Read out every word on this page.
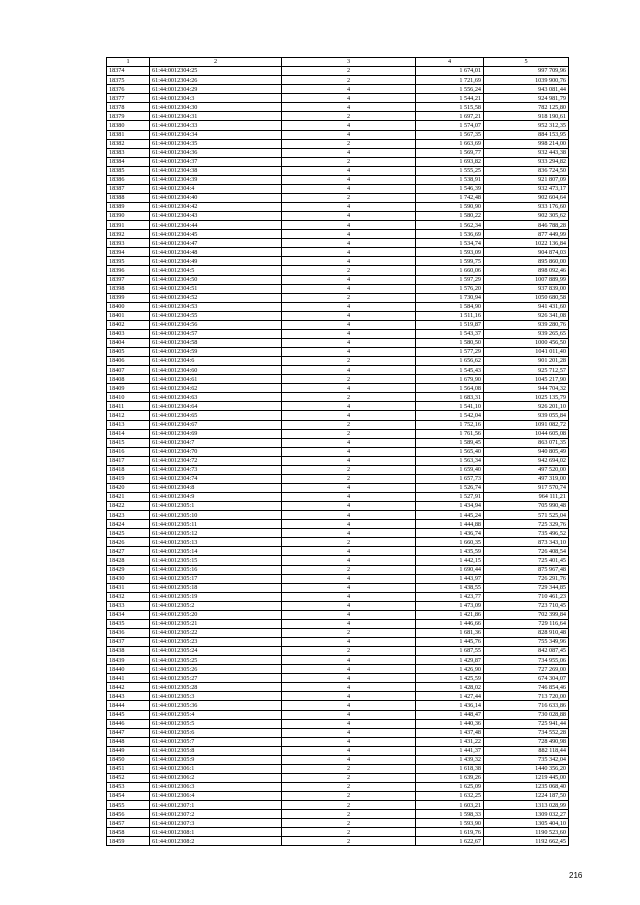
1	2	3	4	5
18374	61:44:0012304:25	2	1 674,01	997 709,96
18375	61:44:0012304:26	2	1 721,69	1039 900,76
18376	61:44:0012304:29	4	1 556,24	943 081,44
18377	61:44:0012304:3	4	1 544,21	924 981,79
18378	61:44:0012304:30	4	1 515,58	782 125,80
18379	61:44:0012304:31	2	1 697,21	918 190,61
18380	61:44:0012304:33	4	1 574,07	952 312,35
18381	61:44:0012304:34	4	1 567,35	884 153,95
18382	61:44:0012304:35	2	1 663,69	998 214,00
18383	61:44:0012304:36	4	1 569,77	932 443,38
18384	61:44:0012304:37	2	1 693,82	933 294,82
18385	61:44:0012304:38	4	1 555,25	836 724,50
18386	61:44:0012304:39	4	1 538,91	921 807,09
18387	61:44:0012304:4	4	1 546,39	932 473,17
18388	61:44:0012304:40	2	1 742,48	902 604,64
18389	61:44:0012304:42	4	1 590,90	933 176,60
18390	61:44:0012304:43	4	1 580,22	902 305,62
18391	61:44:0012304:44	4	1 562,34	846 788,28
18392	61:44:0012304:45	4	1 536,69	877 449,99
18393	61:44:0012304:47	4	1 534,74	1022 136,84
18394	61:44:0012304:48	4	1 593,09	904 874,03
18395	61:44:0012304:49	4	1 599,75	895 860,00
18396	61:44:0012304:5	2	1 660,06	898 092,46
18397	61:44:0012304:50	4	1 597,29	1007 889,99
18398	61:44:0012304:51	4	1 576,20	937 839,00
18399	61:44:0012304:52	2	1 730,94	1050 680,58
18400	61:44:0012304:53	4	1 584,90	941 431,60
18401	61:44:0012304:55	4	1 511,16	926 341,08
18402	61:44:0012304:56	4	1 519,87	939 280,76
18403	61:44:0012304:57	4	1 543,37	939 265,65
18404	61:44:0012304:58	4	1 580,50	1000 456,50
18405	61:44:0012304:59	4	1 577,29	1041 011,40
18406	61:44:0012304:6	2	1 656,62	901 201,28
18407	61:44:0012304:60	4	1 545,43	925 712,57
18408	61:44:0012304:61	2	1 679,90	1045 217,90
18409	61:44:0012304:62	4	1 564,08	944 704,32
18410	61:44:0012304:63	2	1 683,31	1025 135,79
18411	61:44:0012304:64	4	1 541,10	926 201,10
18412	61:44:0012304:65	4	1 542,04	939 055,84
18413	61:44:0012304:67	2	1 752,16	1091 082,72
18414	61:44:0012304:69	2	1 761,56	1044 605,08
18415	61:44:0012304:7	4	1 589,45	863 071,35
18416	61:44:0012304:70	4	1 565,40	940 805,49
18417	61:44:0012304:72	4	1 563,34	942 694,02
18418	61:44:0012304:73	2	1 659,40	497 520,00
18419	61:44:0012304:74	2	1 657,73	497 319,00
18420	61:44:0012304:8	4	1 526,74	917 570,74
18421	61:44:0012304:9	4	1 527,91	964 111,21
18422	61:44:0012305:1	4	1 434,94	705 990,48
18423	61:44:0012305:10	4	1 445,24	571 525,04
18424	61:44:0012305:11	4	1 444,88	725 329,76
18425	61:44:0012305:12	4	1 436,74	735 496,52
18426	61:44:0012305:13	2	1 660,35	873 343,10
18427	61:44:0012305:14	4	1 435,59	726 408,54
18428	61:44:0012305:15	4	1 442,15	725 401,45
18429	61:44:0012305:16	2	1 690,44	875 967,48
18430	61:44:0012305:17	4	1 443,97	726 291,76
18431	61:44:0012305:18	4	1 438,55	729 344,85
18432	61:44:0012305:19	4	1 423,77	710 461,23
18433	61:44:0012305:2	4	1 473,09	723 710,45
18434	61:44:0012305:20	4	1 421,86	702 399,84
18435	61:44:0012305:21	4	1 446,66	729 116,64
18436	61:44:0012305:22	2	1 681,36	828 910,48
18437	61:44:0012305:23	4	1 445,76	755 349,96
18438	61:44:0012305:24	2	1 687,55	842 087,45
18439	61:44:0012305:25	4	1 429,87	734 955,06
18440	61:44:0012305:26	4	1 426,90	727 269,00
18441	61:44:0012305:27	4	1 425,59	674 304,07
18442	61:44:0012305:28	4	1 428,02	746 854,46
18443	61:44:0012305:3	4	1 427,44	713 720,00
18444	61:44:0012305:36	4	1 436,14	716 633,86
18445	61:44:0012305:4	4	1 448,47	730 028,88
18446	61:44:0012305:5	4	1 440,36	725 941,44
18447	61:44:0012305:6	4	1 437,48	734 552,28
18448	61:44:0012305:7	4	1 431,22	728 490,98
18449	61:44:0012305:8	4	1 441,37	882 118,44
18450	61:44:0012305:9	4	1 439,32	735 342,04
18451	61:44:0012306:1	2	1 618,38	1440 356,20
18452	61:44:0012306:2	2	1 639,26	1219 445,00
18453	61:44:0012306:3	2	1 625,09	1235 068,40
18454	61:44:0012306:4	2	1 632,25	1224 187,50
18455	61:44:0012307:1	2	1 603,21	1313 028,99
18456	61:44:0012307:2	2	1 598,33	1309 032,27
18457	61:44:0012307:3	2	1 593,90	1305 404,10
18458	61:44:0012308:1	2	1 619,76	1190 523,60
18459	61:44:0012308:2	2	1 622,67	1192 662,45
216
